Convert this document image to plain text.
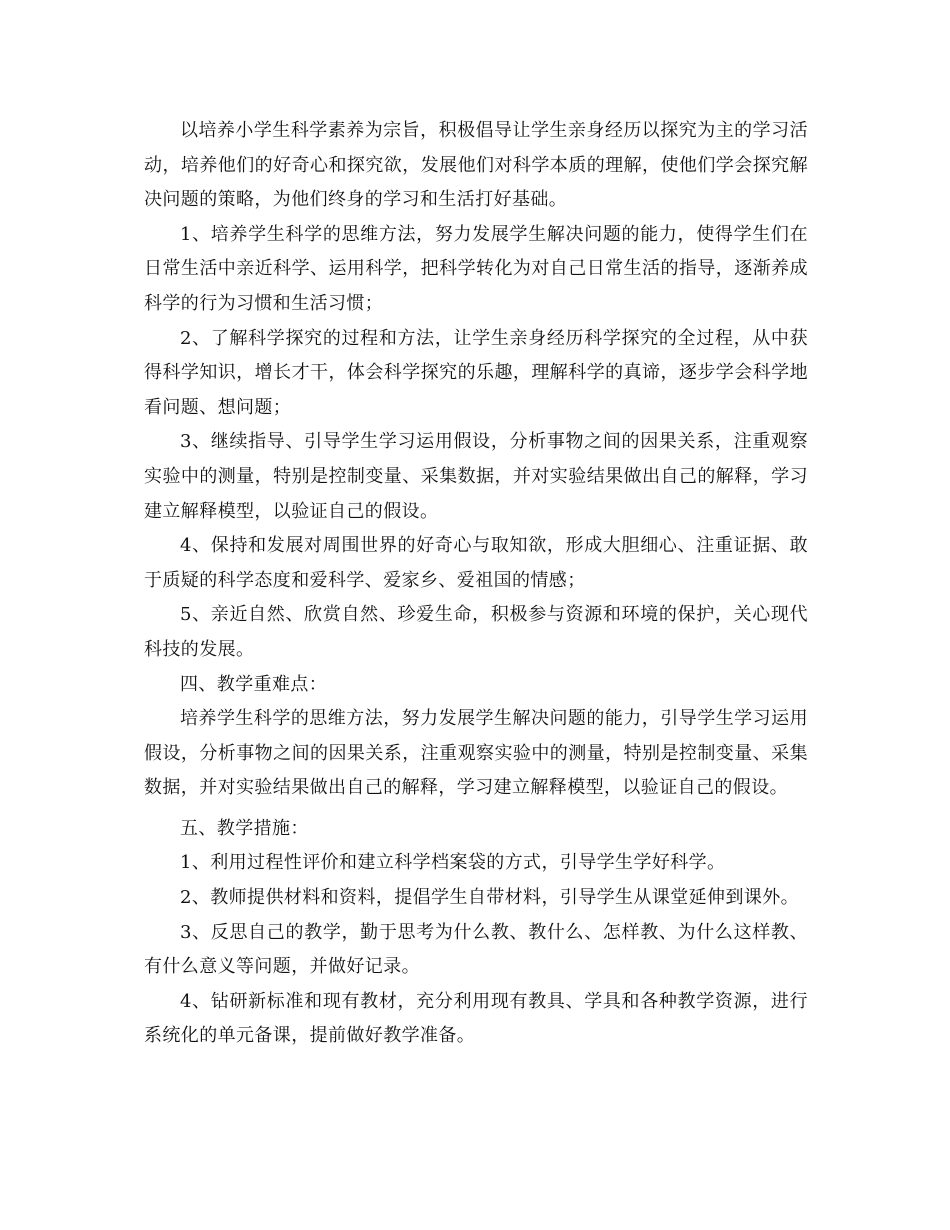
以培养小学生科学素养为宗旨，积极倡导让学生亲身经历以探究为主的学习活动，培养他们的好奇心和探究欲，发展他们对科学本质的理解，使他们学会探究解决问题的策略，为他们终身的学习和生活打好基础。

1、培养学生科学的思维方法，努力发展学生解决问题的能力，使得学生们在日常生活中亲近科学、运用科学，把科学转化为对自己日常生活的指导，逐渐养成科学的行为习惯和生活习惯；

2、了解科学探究的过程和方法，让学生亲身经历科学探究的全过程，从中获得科学知识，增长才干，体会科学探究的乐趣，理解科学的真谛，逐步学会科学地看问题、想问题；

3、继续指导、引导学生学习运用假设，分析事物之间的因果关系，注重观察实验中的测量，特别是控制变量、采集数据，并对实验结果做出自己的解释，学习建立解释模型，以验证自己的假设。

4、保持和发展对周围世界的好奇心与取知欲，形成大胆细心、注重证据、敢于质疑的科学态度和爱科学、爱家乡、爱祖国的情感；

5、亲近自然、欣赏自然、珍爱生命，积极参与资源和环境的保护，关心现代科技的发展。

四、教学重难点：

培养学生科学的思维方法，努力发展学生解决问题的能力，引导学生学习运用假设，分析事物之间的因果关系，注重观察实验中的测量，特别是控制变量、采集数据，并对实验结果做出自己的解释，学习建立解释模型，以验证自己的假设。

五、教学措施：

1、利用过程性评价和建立科学档案袋的方式，引导学生学好科学。

2、教师提供材料和资料，提倡学生自带材料，引导学生从课堂延伸到课外。

3、反思自己的教学，勤于思考为什么教、教什么、怎样教、为什么这样教、有什么意义等问题，并做好记录。

4、钻研新标准和现有教材，充分利用现有教具、学具和各种教学资源，进行系统化的单元备课，提前做好教学准备。
